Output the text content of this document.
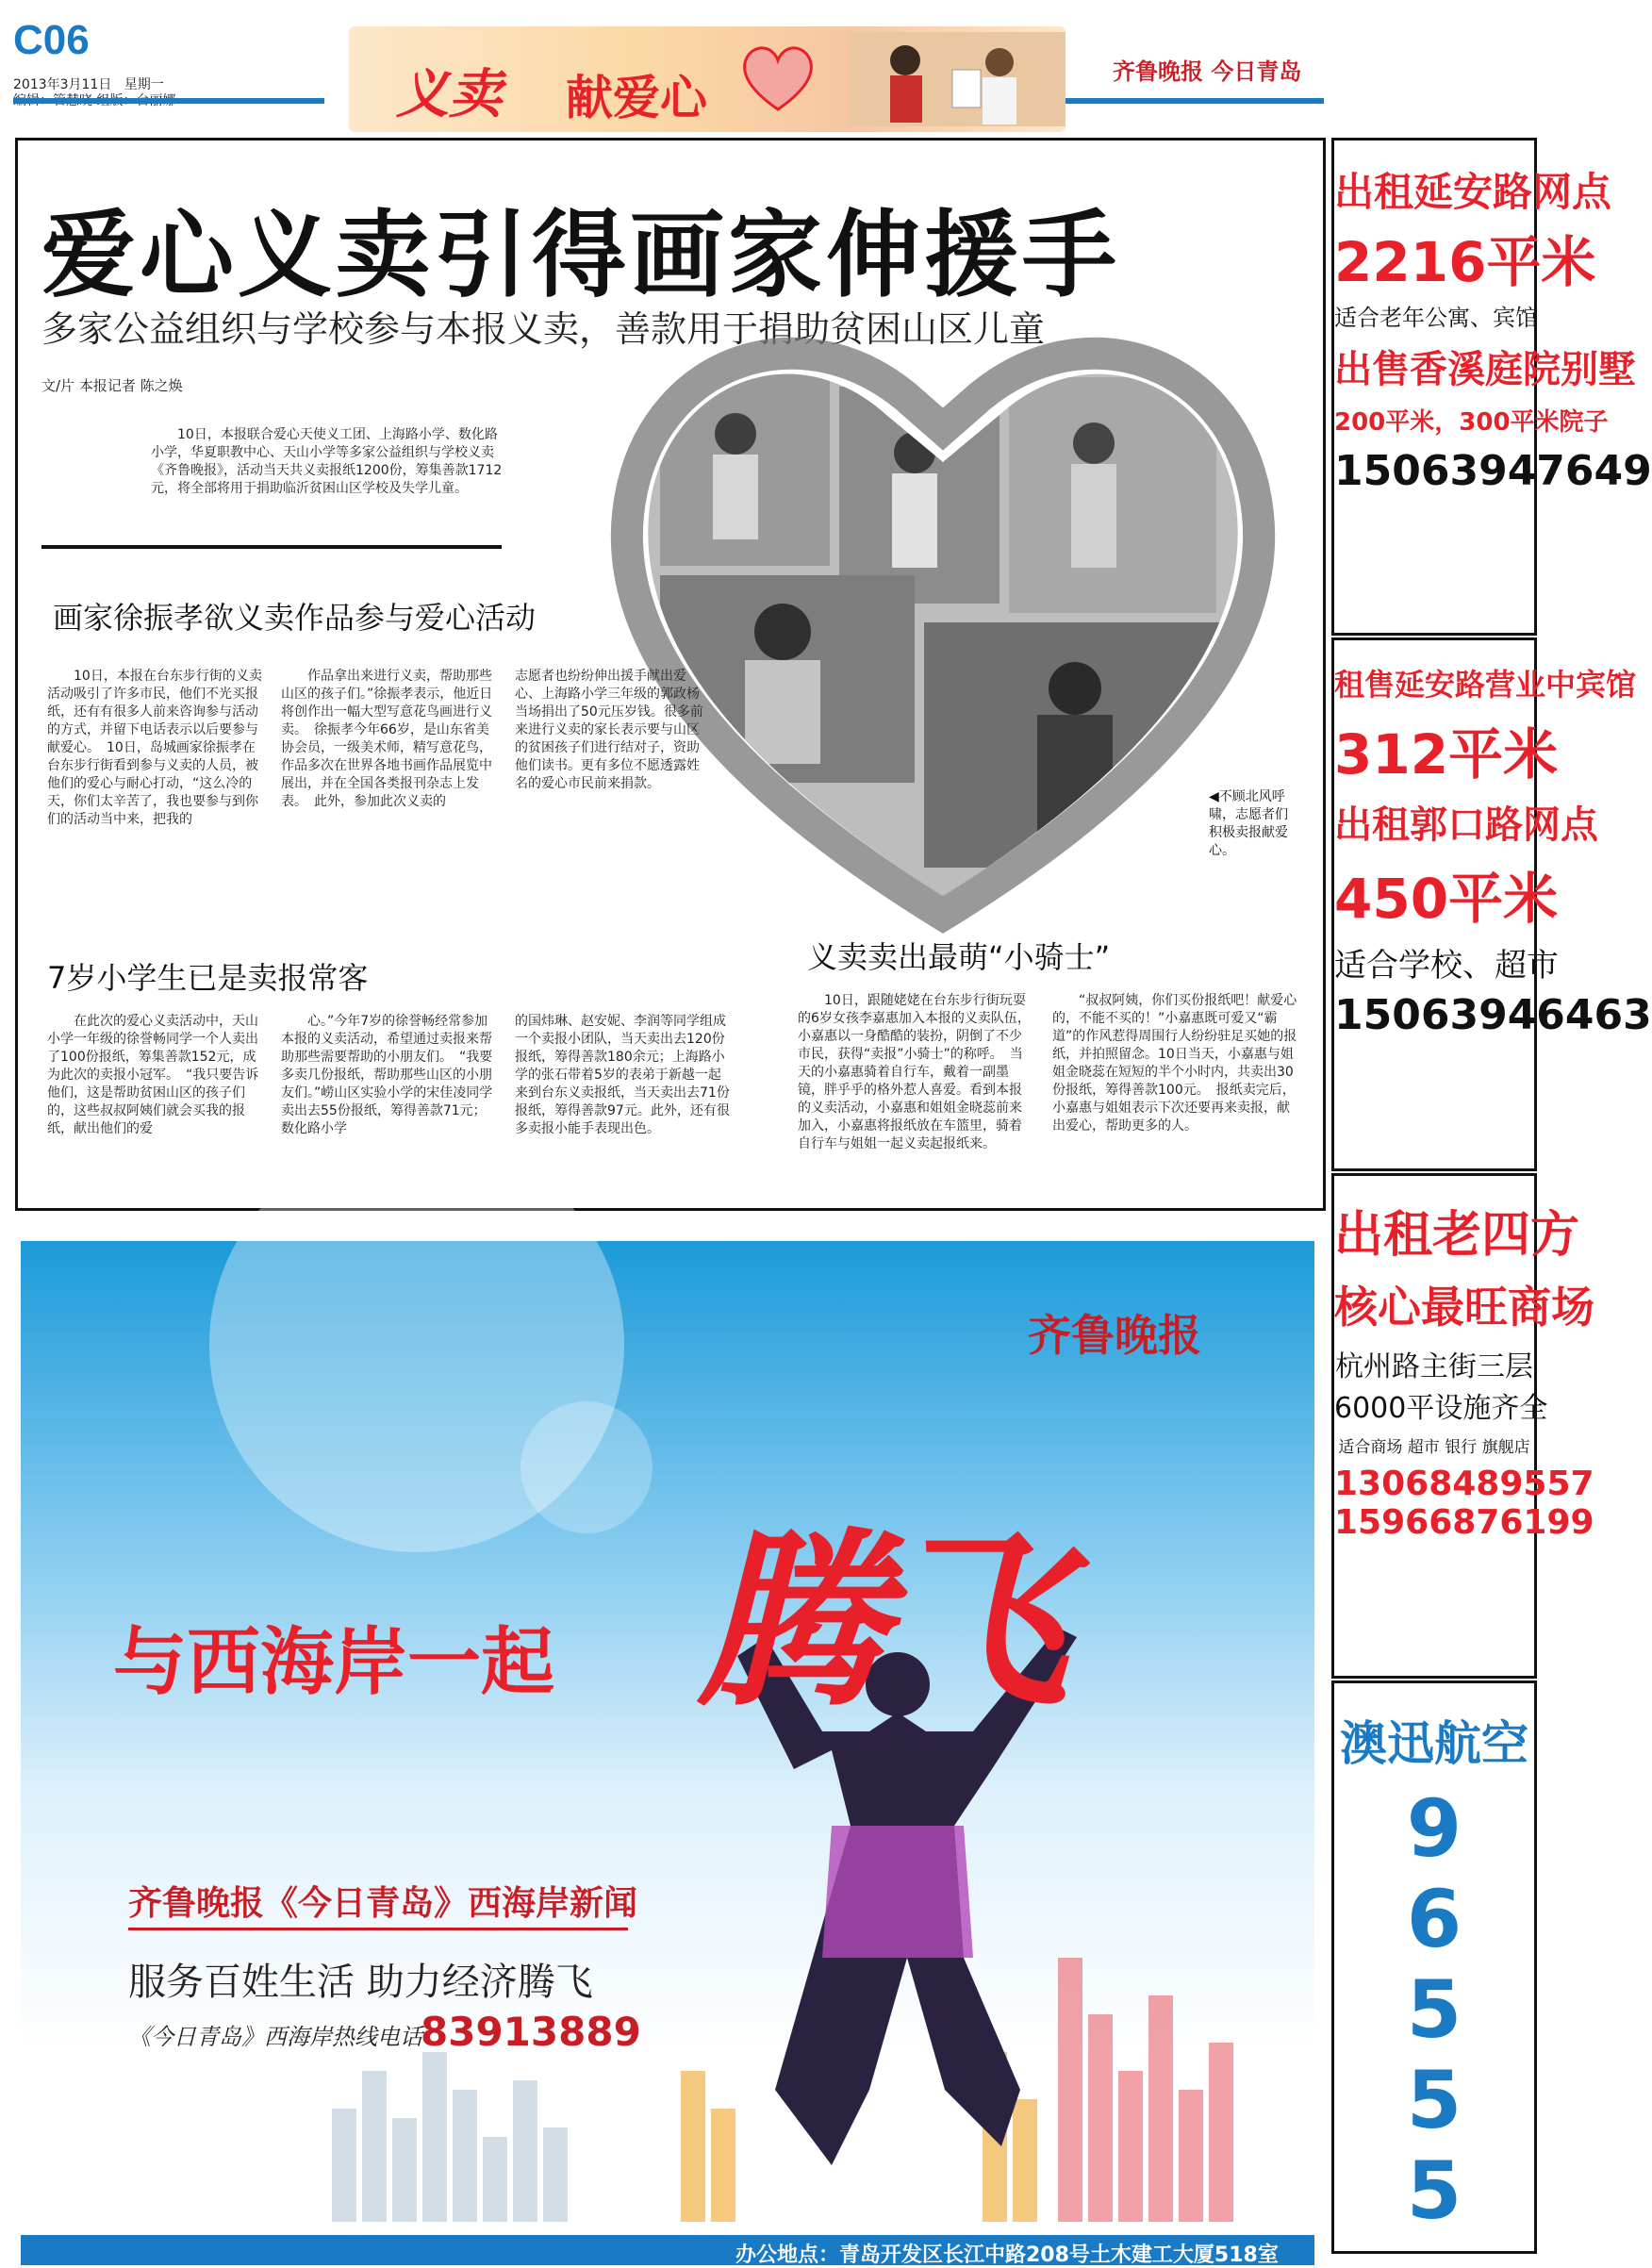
C06
2013年3月11日 星期一	义卖 献爱心	齐鲁晚报 今日青岛
爱心义卖引得画家伸援手
多家公益组织与学校参与本报义卖，善款用于捐助贫困山区儿童
文/片 本报记者 陈之焕
10日，本报联合爱心天使义工团、上海路小学、数化路小学，华夏职教中心、天山小学等多家公益组织与学校义卖《齐鲁晚报》，活动当天共义卖报纸1200份，筹集善款1712元，将全部将用于捐助临沂贫困山区学校及失学儿童。
◀不顾北风呼啸，志愿者们积极卖报献爱心。
画家徐振孝欲义卖作品参与爱心活动
10日，本报在台东步行街的义卖活动吸引了许多市民，他们不光买报纸，还有有很多人前来咨询参与活动的方式，并留下电话表示以后要参与献爱心。　10日，岛城画家徐振孝在台东步行街看到参与义卖的人员，被他们的爱心与耐心打动，“这么冷的天，你们太辛苦了，我也要参与到你们的活动当中来，把我的
作品拿出来进行义卖，帮助那些山区的孩子们。”徐振孝表示，他近日将创作出一幅大型写意花鸟画进行义卖。　徐振孝今年66岁，是山东省美协会员，一级美术师，精写意花鸟，作品多次在世界各地书画作品展览中展出，并在全国各类报刊杂志上发表。　此外，参加此次义卖的
志愿者也纷纷伸出援手献出爱心、上海路小学三年级的郭政杨当场捐出了50元压岁钱。很多前来进行义卖的家长表示要与山区的贫困孩子们进行结对子，资助他们读书。更有多位不愿透露姓名的爱心市民前来捐款。
7岁小学生已是卖报常客
在此次的爱心义卖活动中，天山小学一年级的徐誉畅同学一个人卖出了100份报纸，筹集善款152元，成为此次的卖报小冠军。　“我只要告诉他们，这是帮助贫困山区的孩子们的，这些叔叔阿姨们就会买我的报纸，献出他们的爱
心。”今年7岁的徐誉畅经常参加本报的义卖活动，希望通过卖报来帮助那些需要帮助的小朋友们。　“我要多卖几份报纸，帮助那些山区的小朋友们。”崂山区实验小学的宋佳凌同学卖出去55份报纸，筹得善款71元；数化路小学
的国炜琳、赵安妮、李润等同学组成一个卖报小团队，当天卖出去120份报纸，筹得善款180余元；上海路小学的张石带着5岁的表弟于新越一起来到台东义卖报纸，当天卖出去71份报纸，筹得善款97元。此外，还有很多卖报小能手表现出色。
义卖卖出最萌“小骑士”
10日，跟随姥姥在台东步行街玩耍的6岁女孩李嘉惠加入本报的义卖队伍，小嘉惠以一身酷酷的装扮，阴倒了不少市民，获得“卖报”小骑士”的称呼。　当天的小嘉惠骑着自行车，戴着一副墨镜，胖乎乎的格外惹人喜爱。看到本报的义卖活动，小嘉惠和姐姐金晓蕊前来加入，小嘉惠将报纸放在车篮里，骑着自行车与姐姐一起义卖起报纸来。
“叔叔阿姨，你们买份报纸吧！献爱心的，不能不买的！”小嘉惠既可爱又“霸道”的作风惹得周围行人纷纷驻足买她的报纸，并拍照留念。10日当天，小嘉惠与姐姐金晓蕊在短短的半个小时内，共卖出30份报纸，筹得善款100元。　报纸卖完后，小嘉惠与姐姐表示下次还要再来卖报，献出爱心，帮助更多的人。
出租延安路网点
2216平米
适合老年公寓、宾馆
出售香溪庭院别墅
200平米，300平米院子
15063947649
租售延安路营业中宾馆
312平米
出租郭口路网点
450平米
适合学校、超市
15063946463
出租老四方
核心最旺商场
杭州路主街三层
6000平设施齐全
适合商场 超市 银行 旗舰店
13068489557
15966876199
澳迅航空
9
6
5
5
5
齐鲁晚报
腾飞
与西海岸一起
齐鲁晚报《今日青岛》西海岸新闻
服务百姓生活 助力经济腾飞
《今日青岛》西海岸热线电话：
83913889
办公地点：青岛开发区长江中路208号土木建工大厦518室
